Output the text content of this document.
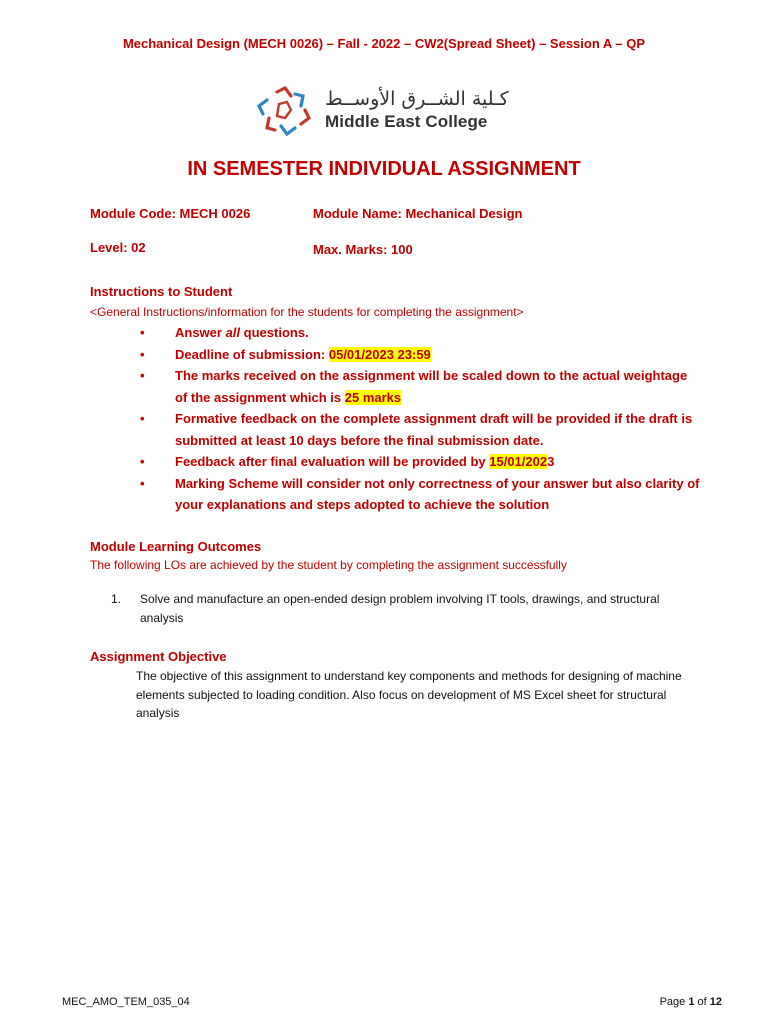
Mechanical Design (MECH 0026) – Fall - 2022 – CW2(Spread Sheet) – Session A – QP
كـلية الشــرق الأوســط
Middle East College
IN SEMESTER INDIVIDUAL ASSIGNMENT
Module Code: MECH 0026	Module Name: Mechanical Design
Level: 02	Max. Marks: 100
Instructions to Student
<General Instructions/information for the students for completing the assignment>
• Answer all questions.
• Deadline of submission: 05/01/2023 23:59
• The marks received on the assignment will be scaled down to the actual weightage
of the assignment which is 25 marks
• Formative feedback on the complete assignment draft will be provided if the draft is submitted at least 10 days before the final submission date.
• Feedback after final evaluation will be provided by 15/01/2023
• Marking Scheme will consider not only correctness of your answer but also clarity of your explanations and steps adopted to achieve the solution
Module Learning Outcomes
The following LOs are achieved by the student by completing the assignment successfully
1. Solve and manufacture an open-ended design problem involving IT tools, drawings, and structural analysis
Assignment Objective
The objective of this assignment to understand key components and methods for designing of machine elements subjected to loading condition. Also focus on development of MS Excel sheet for structural analysis
MEC_AMO_TEM_035_04	Page 1 of 12
